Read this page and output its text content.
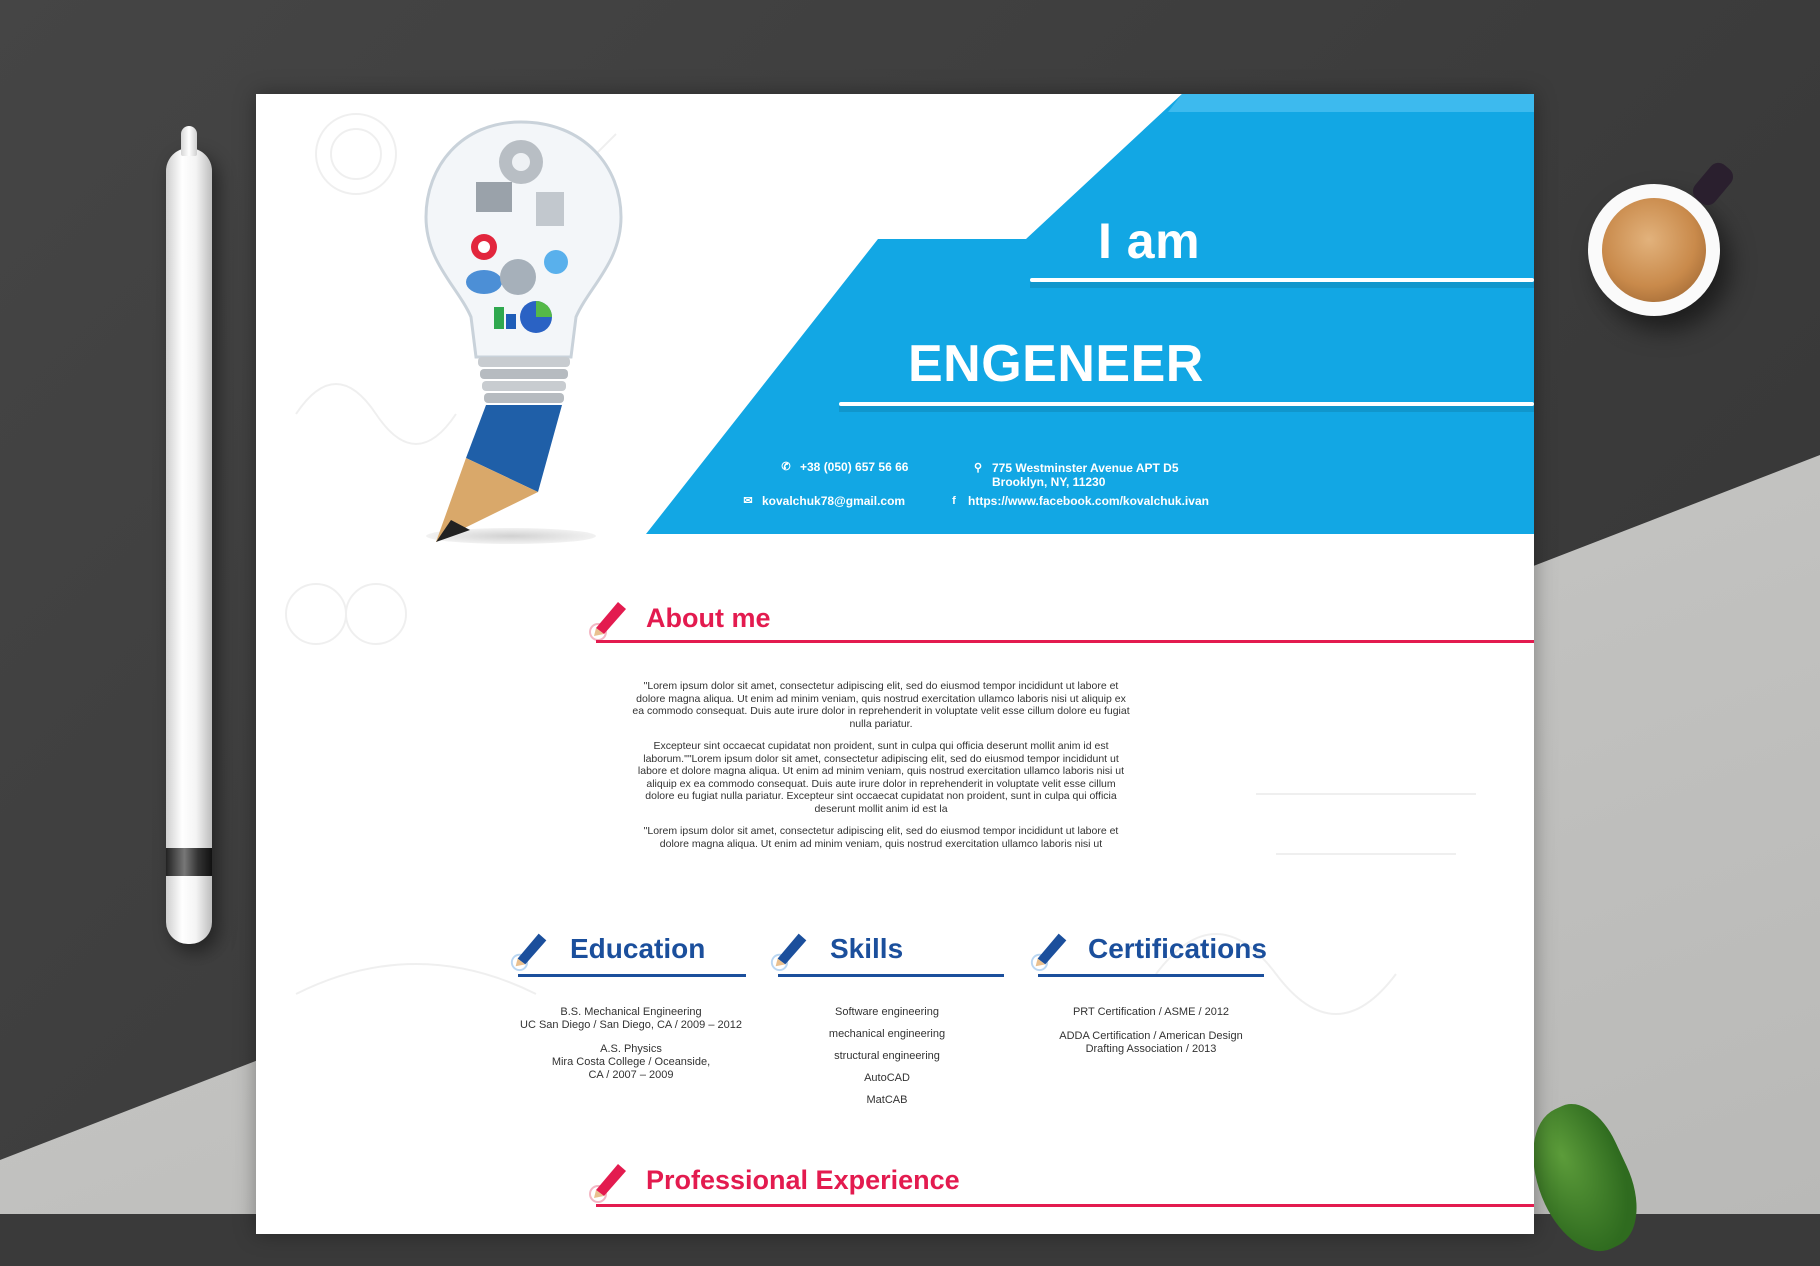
I am
ENGENEER
✆ +38 (050) 657 56 66
✉ kovalchuk78@gmail.com
⚲ 775 Westminster Avenue APT D5
Brooklyn, NY, 11230
f	https://www.facebook.com/kovalchuk.ivan
About me

"Lorem ipsum dolor sit amet, consectetur adipiscing elit, sed do eiusmod tempor incididunt ut labore et dolore magna aliqua. Ut enim ad minim veniam, quis nostrud exercitation ullamco laboris nisi ut aliquip ex ea commodo consequat. Duis aute irure dolor in reprehenderit in voluptate velit esse cillum dolore eu fugiat nulla pariatur.

Excepteur sint occaecat cupidatat non proident, sunt in culpa qui officia deserunt mollit anim id est laborum.""Lorem ipsum dolor sit amet, consectetur adipiscing elit, sed do eiusmod tempor incididunt ut labore et dolore magna aliqua. Ut enim ad minim veniam, quis nostrud exercitation ullamco laboris nisi ut aliquip ex ea commodo consequat. Duis aute irure dolor in reprehenderit in voluptate velit esse cillum dolore eu fugiat nulla pariatur. Excepteur sint occaecat cupidatat non proident, sunt in culpa qui officia deserunt mollit anim id est la

"Lorem ipsum dolor sit amet, consectetur adipiscing elit, sed do eiusmod tempor incididunt ut labore et dolore magna aliqua. Ut enim ad minim veniam, quis nostrud exercitation ullamco laboris nisi ut

Education
B.S. Mechanical Engineering
UC San Diego / San Diego, CA / 2009 – 2012
A.S. Physics
Mira Costa College / Oceanside,
CA / 2007 – 2009
Skills
Software engineering
mechanical engineering
structural engineering
AutoCAD
MatCAB
Certifications
PRT Certification / ASME / 2012
ADDA Certification / American Design
Drafting Association / 2013
Professional Experience
